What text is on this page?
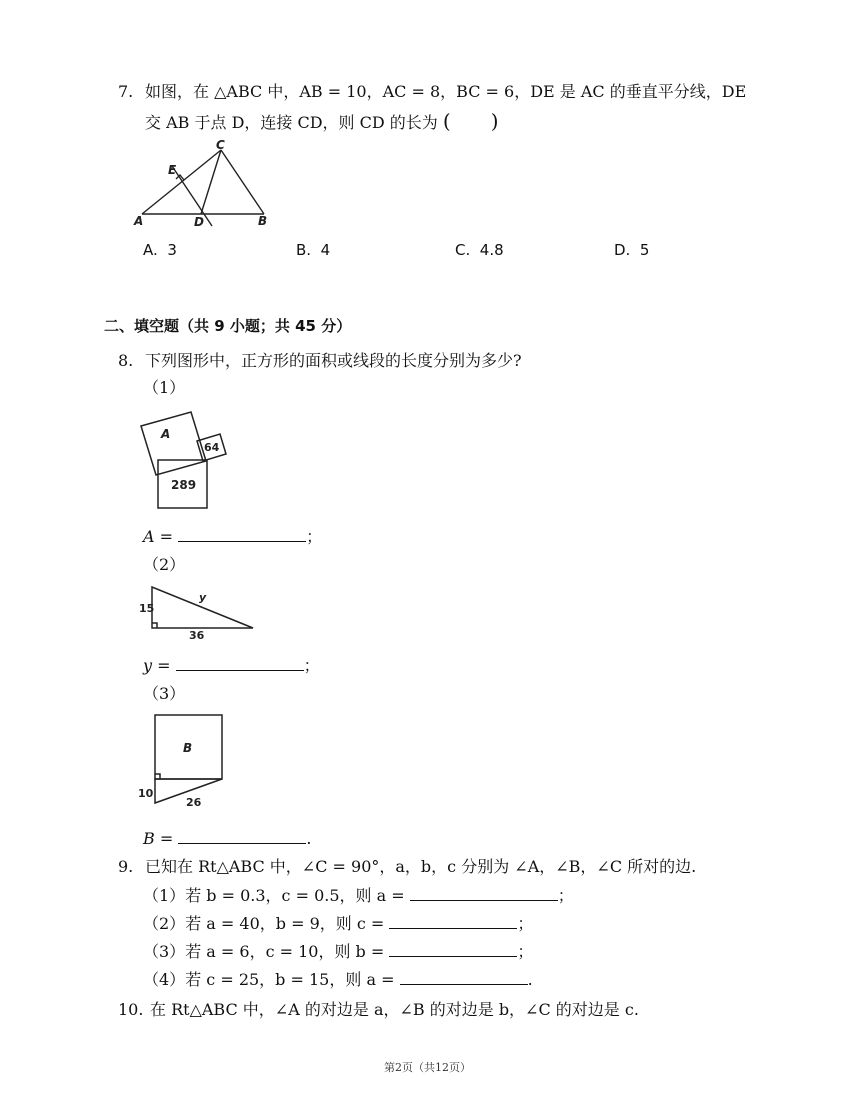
7. 如图，在 △ABC 中，AB = 10，AC = 8，BC = 6，DE 是 AC 的垂直平分线，DE
交 AB 于点 D，连接 CD，则 CD 的长为 (　　)
A	B
C
D
E
A. 3	B. 4	C. 4.8	D. 5
二、填空题（共 9 小题；共 45 分）
8. 下列图形中，正方形的面积或线段的长度分别为多少?
（1）
A
64
289
A =	；
（2）
15
36
y
y =	；
（3）
B
10
26
B =	.
9. 已知在 Rt△ABC 中，∠C = 90°，a，b，c 分别为 ∠A，∠B，∠C 所对的边.
（1）若 b = 0.3，c = 0.5，则 a =	；
（2）若 a = 40，b = 9，则 c =	；
（3）若 a = 6，c = 10，则 b =	；
（4）若 c = 25，b = 15，则 a =	.
10. 在 Rt△ABC 中，∠A 的对边是 a，∠B 的对边是 b，∠C 的对边是 c.
第2页（共12页）
